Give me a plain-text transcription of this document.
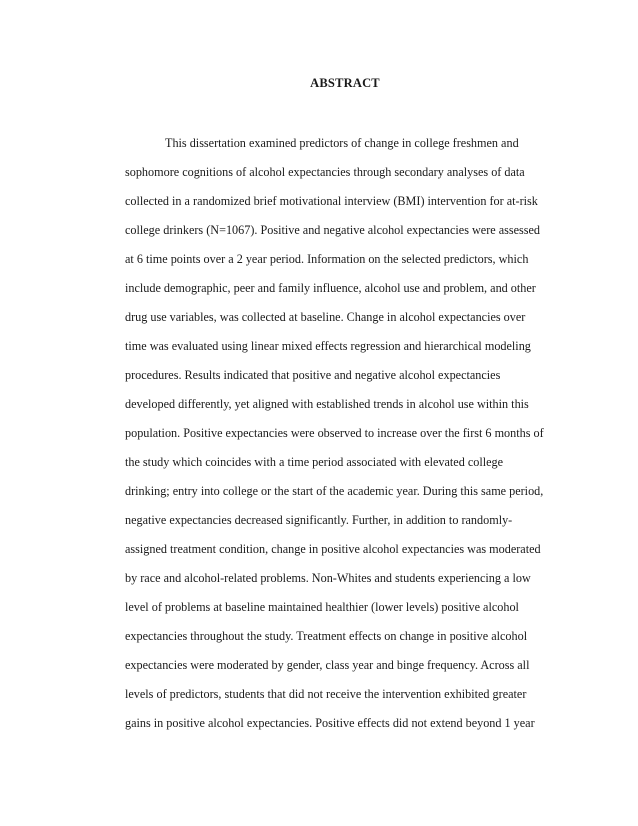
ABSTRACT
This dissertation examined predictors of change in college freshmen and
sophomore cognitions of alcohol expectancies through secondary analyses of data
collected in a randomized brief motivational interview (BMI) intervention for at-risk
college drinkers (N=1067). Positive and negative alcohol expectancies were assessed
at 6 time points over a 2 year period. Information on the selected predictors, which
include demographic, peer and family influence, alcohol use and problem, and other
drug use variables, was collected at baseline. Change in alcohol expectancies over
time was evaluated using linear mixed effects regression and hierarchical modeling
procedures. Results indicated that positive and negative alcohol expectancies
developed differently, yet aligned with established trends in alcohol use within this
population. Positive expectancies were observed to increase over the first 6 months of
the study which coincides with a time period associated with elevated college
drinking; entry into college or the start of the academic year. During this same period,
negative expectancies decreased significantly. Further, in addition to randomly-
assigned treatment condition, change in positive alcohol expectancies was moderated
by race and alcohol-related problems. Non-Whites and students experiencing a low
level of problems at baseline maintained healthier (lower levels) positive alcohol
expectancies throughout the study. Treatment effects on change in positive alcohol
expectancies were moderated by gender, class year and binge frequency. Across all
levels of predictors, students that did not receive the intervention exhibited greater
gains in positive alcohol expectancies. Positive effects did not extend beyond 1 year
